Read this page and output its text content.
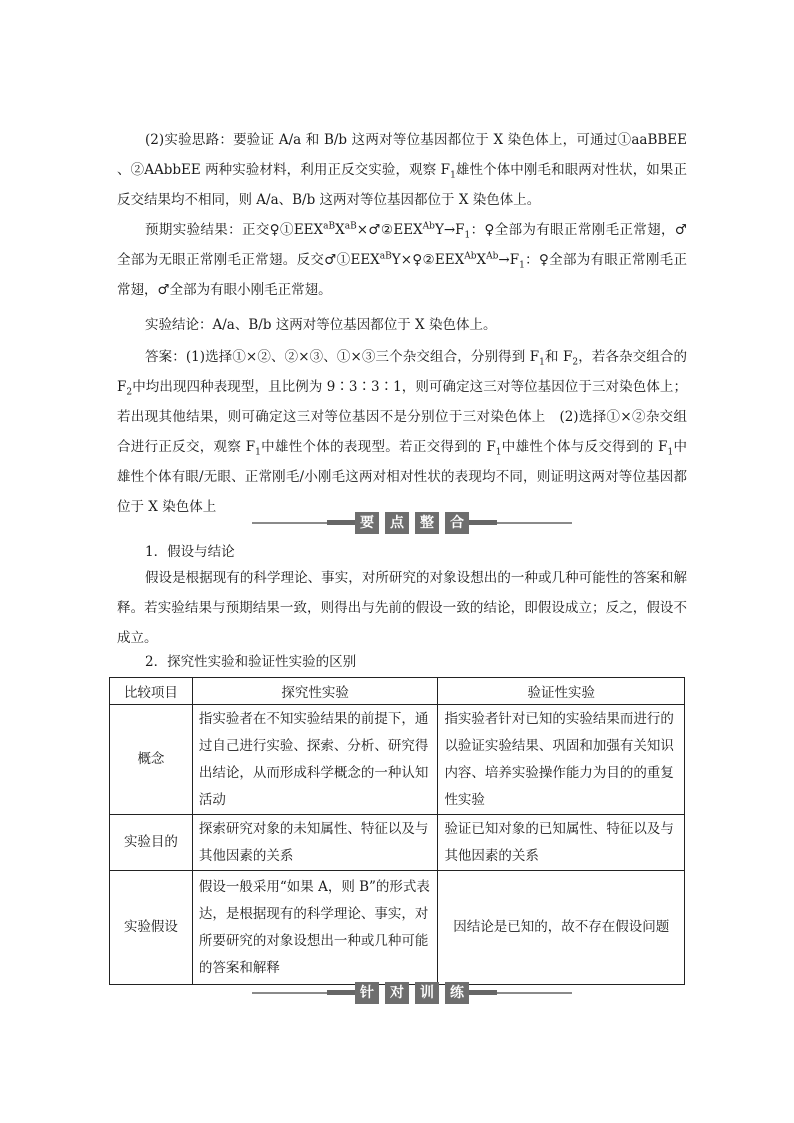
(2)实验思路：要验证 A/a 和 B/b 这两对等位基因都位于 X 染色体上，可通过①aaBBEE 、②AAbbEE 两种实验材料，利用正反交实验，观察 $F_1$雄性个体中刚毛和眼两对性状，如果正反交结果均不相同，则 A/a、B/b 这两对等位基因都位于 X 染色体上。

预期实验结果：正交$♀①EEX^{aB}X^{aB}\times♂②EEX^{Ab}Y\to F_1$：♀全部为有眼正常刚毛正常翅，♂全部为无眼正常刚毛正常翅。反交$♂①EEX^{aB}Y\times♀②EEX^{Ab}X^{Ab}\to F_1$：♀全部为有眼正常刚毛正常翅，♂全部为有眼小刚毛正常翅。

实验结论：A/a、B/b 这两对等位基因都位于 X 染色体上。

答案：(1)选择①×②、②×③、①×③三个杂交组合，分别得到 $F_1$和 $F_2$，若各杂交组合的 $F_2$中均出现四种表现型，且比例为 9∶3∶3∶1，则可确定这三对等位基因位于三对染色体上；若出现其他结果，则可确定这三对等位基因不是分别位于三对染色体上　(2)选择①×②杂交组合进行正反交，观察 $F_1$中雄性个体的表现型。若正交得到的 $F_1$中雄性个体与反交得到的 $F_1$中雄性个体有眼/无眼、正常刚毛/小刚毛这两对相对性状的表现均不同，则证明这两对等位基因都位于 X 染色体上

要	点	整	合

1．假设与结论

假设是根据现有的科学理论、事实，对所研究的对象设想出的一种或几种可能性的答案和解释。若实验结果与预期结果一致，则得出与先前的假设一致的结论，即假设成立；反之，假设不成立。

2．探究性实验和验证性实验的区别

比较项目	探究性实验	验证性实验
概念	指实验者在不知实验结果的前提下，通过自己进行实验、探索、分析、研究得出结论，从而形成科学概念的一种认知活动	指实验者针对已知的实验结果而进行的以验证实验结果、巩固和加强有关知识内容、培养实验操作能力为目的的重复性实验
实验目的	探索研究对象的未知属性、特征以及与其他因素的关系	验证已知对象的已知属性、特征以及与其他因素的关系
实验假设	假设一般采用“如果 A，则 B”的形式表达，是根据现有的科学理论、事实，对所要研究的对象设想出一种或几种可能的答案和解释	因结论是已知的，故不存在假设问题
针	对	训	练
